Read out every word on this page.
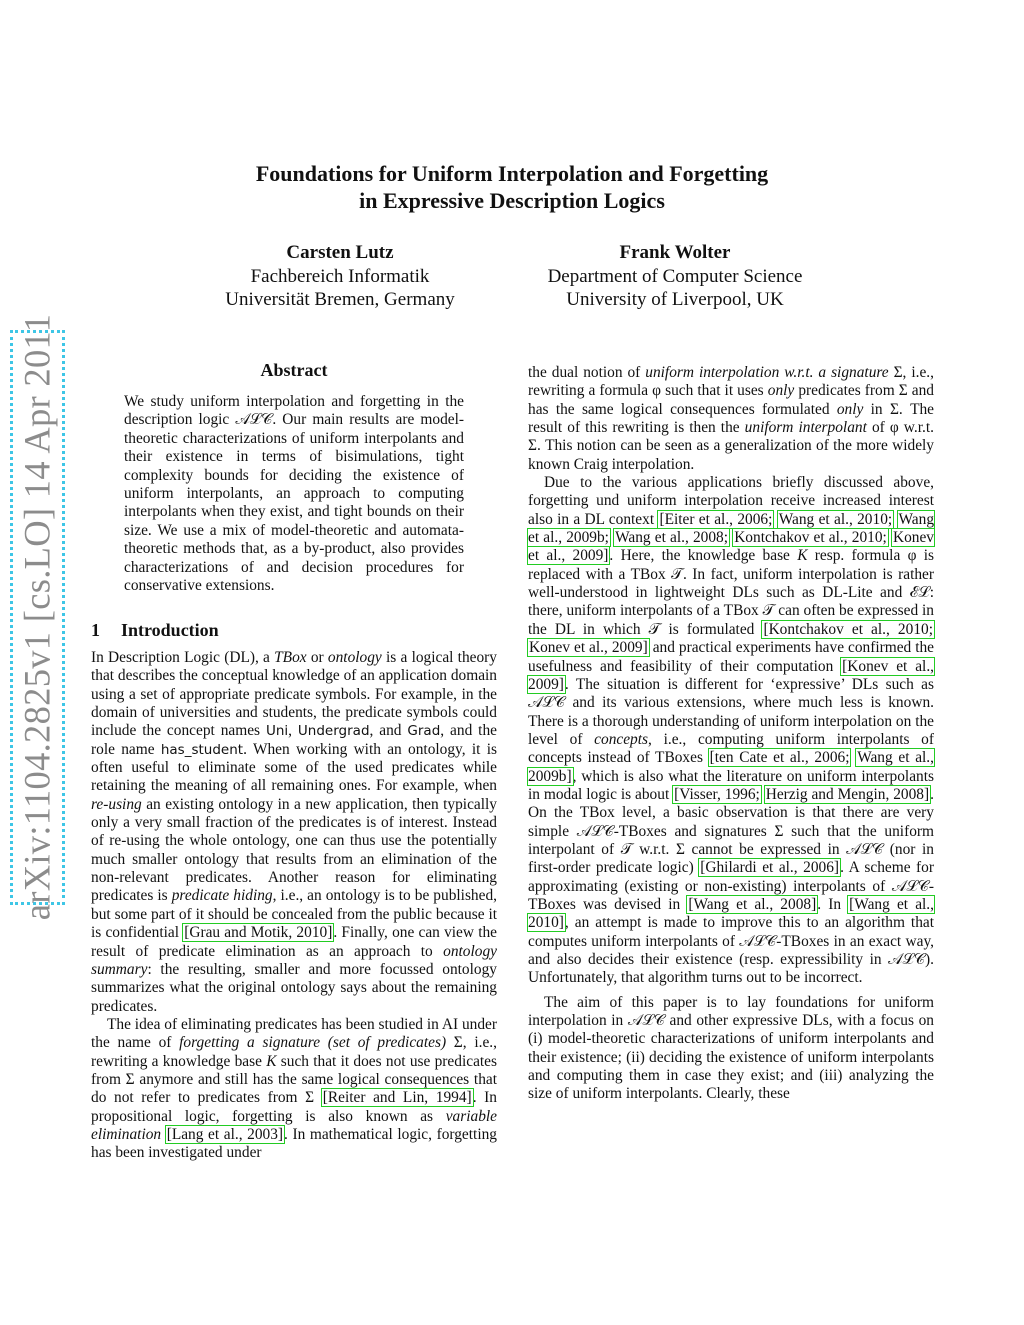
arXiv:1104.2825v1 [cs.LO] 14 Apr 2011
Foundations for Uniform Interpolation and Forgetting
in Expressive Description Logics
Carsten Lutz
Fachbereich Informatik
Universität Bremen, Germany
Frank Wolter
Department of Computer Science
University of Liverpool, UK
Abstract
We study uniform interpolation and forgetting in the description logic 𝒜ℒ𝒞. Our main results are model-theoretic characterizations of uniform interpolants and their existence in terms of bisimulations, tight complexity bounds for deciding the existence of uniform interpolants, an approach to computing interpolants when they exist, and tight bounds on their size. We use a mix of model-theoretic and automata-theoretic methods that, as a by-product, also provides characterizations of and decision procedures for conservative extensions.
1 Introduction

In Description Logic (DL), a TBox or ontology is a logical theory that describes the conceptual knowledge of an application domain using a set of appropriate predicate symbols. For example, in the domain of universities and students, the predicate symbols could include the concept names Uni, Undergrad, and Grad, and the role name has_student. When working with an ontology, it is often useful to eliminate some of the used predicates while retaining the meaning of all remaining ones. For example, when re-using an existing ontology in a new application, then typically only a very small fraction of the predicates is of interest. Instead of re-using the whole ontology, one can thus use the potentially much smaller ontology that results from an elimination of the non-relevant predicates. Another reason for eliminating predicates is predicate hiding, i.e., an ontology is to be published, but some part of it should be concealed from the public because it is confidential [Grau and Motik, 2010]. Finally, one can view the result of predicate elimination as an approach to ontology summary: the resulting, smaller and more focussed ontology summarizes what the original ontology says about the remaining predicates.

The idea of eliminating predicates has been studied in AI under the name of forgetting a signature (set of predicates) Σ, i.e., rewriting a knowledge base K such that it does not use predicates from Σ anymore and still has the same logical consequences that do not refer to predicates from Σ [Reiter and Lin, 1994]. In propositional logic, forgetting is also known as variable elimination [Lang et al., 2003]. In mathematical logic, forgetting has been investigated under

the dual notion of uniform interpolation w.r.t. a signature Σ, i.e., rewriting a formula φ such that it uses only predicates from Σ and has the same logical consequences formulated only in Σ. The result of this rewriting is then the uniform interpolant of φ w.r.t. Σ. This notion can be seen as a generalization of the more widely known Craig interpolation.

Due to the various applications briefly discussed above, forgetting und uniform interpolation receive increased interest also in a DL context [Eiter et al., 2006; Wang et al., 2010; Wang et al., 2009b; Wang et al., 2008; Kontchakov et al., 2010; Konev et al., 2009]. Here, the knowledge base K resp. formula φ is replaced with a TBox 𝒯. In fact, uniform interpolation is rather well-understood in lightweight DLs such as DL-Lite and ℰℒ: there, uniform interpolants of a TBox 𝒯 can often be expressed in the DL in which 𝒯 is formulated [Kontchakov et al., 2010; Konev et al., 2009] and practical experiments have confirmed the usefulness and feasibility of their computation [Konev et al., 2009]. The situation is different for ‘expressive’ DLs such as 𝒜ℒ𝒞 and its various extensions, where much less is known. There is a thorough understanding of uniform interpolation on the level of concepts, i.e., computing uniform interpolants of concepts instead of TBoxes [ten Cate et al., 2006; Wang et al., 2009b], which is also what the literature on uniform interpolants in modal logic is about [Visser, 1996; Herzig and Mengin, 2008]. On the TBox level, a basic observation is that there are very simple 𝒜ℒ𝒞-TBoxes and signatures Σ such that the uniform interpolant of 𝒯 w.r.t. Σ cannot be expressed in 𝒜ℒ𝒞 (nor in first-order predicate logic) [Ghilardi et al., 2006]. A scheme for approximating (existing or non-existing) interpolants of 𝒜ℒ𝒞-TBoxes was devised in [Wang et al., 2008]. In [Wang et al., 2010], an attempt is made to improve this to an algorithm that computes uniform interpolants of 𝒜ℒ𝒞-TBoxes in an exact way, and also decides their existence (resp. expressibility in 𝒜ℒ𝒞). Unfortunately, that algorithm turns out to be incorrect.

The aim of this paper is to lay foundations for uniform interpolation in 𝒜ℒ𝒞 and other expressive DLs, with a focus on (i) model-theoretic characterizations of uniform interpolants and their existence; (ii) deciding the existence of uniform interpolants and computing them in case they exist; and (iii) analyzing the size of uniform interpolants. Clearly, these
